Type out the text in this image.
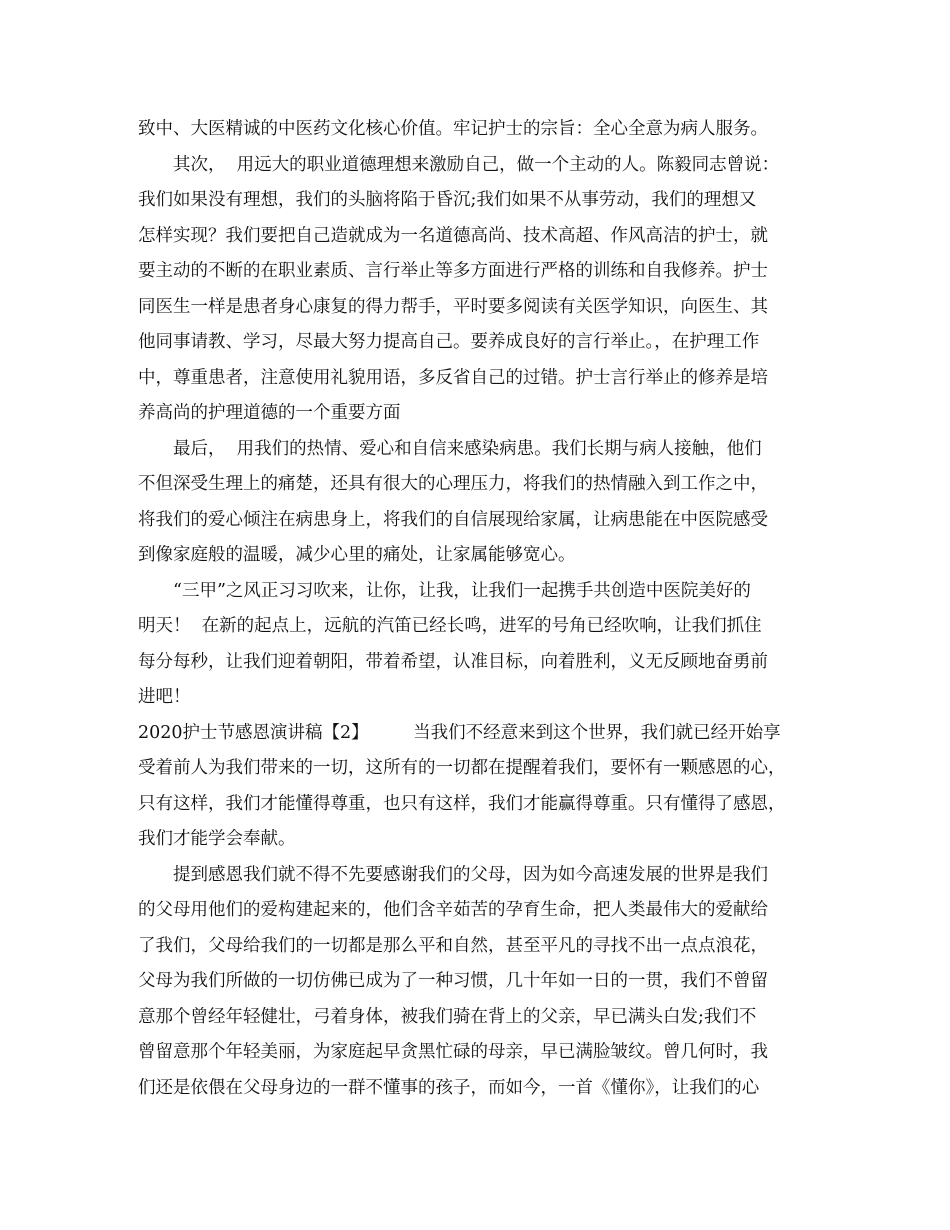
致中、大医精诚的中医药文化核心价值。牢记护士的宗旨：全心全意为病人服务。
　　其次，  用远大的职业道德理想来激励自己，做一个主动的人。陈毅同志曾说：
我们如果没有理想，我们的头脑将陷于昏沉;我们如果不从事劳动，我们的理想又
怎样实现？我们要把自己造就成为一名道德高尚、技术高超、作风高洁的护士，就
要主动的不断的在职业素质、言行举止等多方面进行严格的训练和自我修养。护士
同医生一样是患者身心康复的得力帮手，平时要多阅读有关医学知识，向医生、其
他同事请教、学习，尽最大努力提高自己。要养成良好的言行举止。，在护理工作
中，尊重患者，注意使用礼貌用语，多反省自己的过错。护士言行举止的修养是培
养高尚的护理道德的一个重要方面
　　最后，  用我们的热情、爱心和自信来感染病患。我们长期与病人接触，他们
不但深受生理上的痛楚，还具有很大的心理压力，将我们的热情融入到工作之中，
将我们的爱心倾注在病患身上，将我们的自信展现给家属，让病患能在中医院感受
到像家庭般的温暖，减少心里的痛处，让家属能够宽心。
　　“三甲”之风正习习吹来，让你，让我，让我们一起携手共创造中医院美好的
明天！  在新的起点上，远航的汽笛已经长鸣，进军的号角已经吹响，让我们抓住
每分每秒，让我们迎着朝阳，带着希望，认准目标，向着胜利，义无反顾地奋勇前
进吧！
2020护士节感恩演讲稿【2】        当我们不经意来到这个世界，我们就已经开始享
受着前人为我们带来的一切，这所有的一切都在提醒着我们，要怀有一颗感恩的心，
只有这样，我们才能懂得尊重，也只有这样，我们才能赢得尊重。只有懂得了感恩，
我们才能学会奉献。
　　提到感恩我们就不得不先要感谢我们的父母，因为如今高速发展的世界是我们
的父母用他们的爱构建起来的，他们含辛茹苦的孕育生命，把人类最伟大的爱献给
了我们，父母给我们的一切都是那么平和自然，甚至平凡的寻找不出一点点浪花，
父母为我们所做的一切仿佛已成为了一种习惯，几十年如一日的一贯，我们不曾留
意那个曾经年轻健壮，弓着身体，被我们骑在背上的父亲，早已满头白发;我们不
曾留意那个年轻美丽，为家庭起早贪黑忙碌的母亲，早已满脸皱纹。曾几何时，我
们还是依偎在父母身边的一群不懂事的孩子，而如今，一首《懂你》，让我们的心
